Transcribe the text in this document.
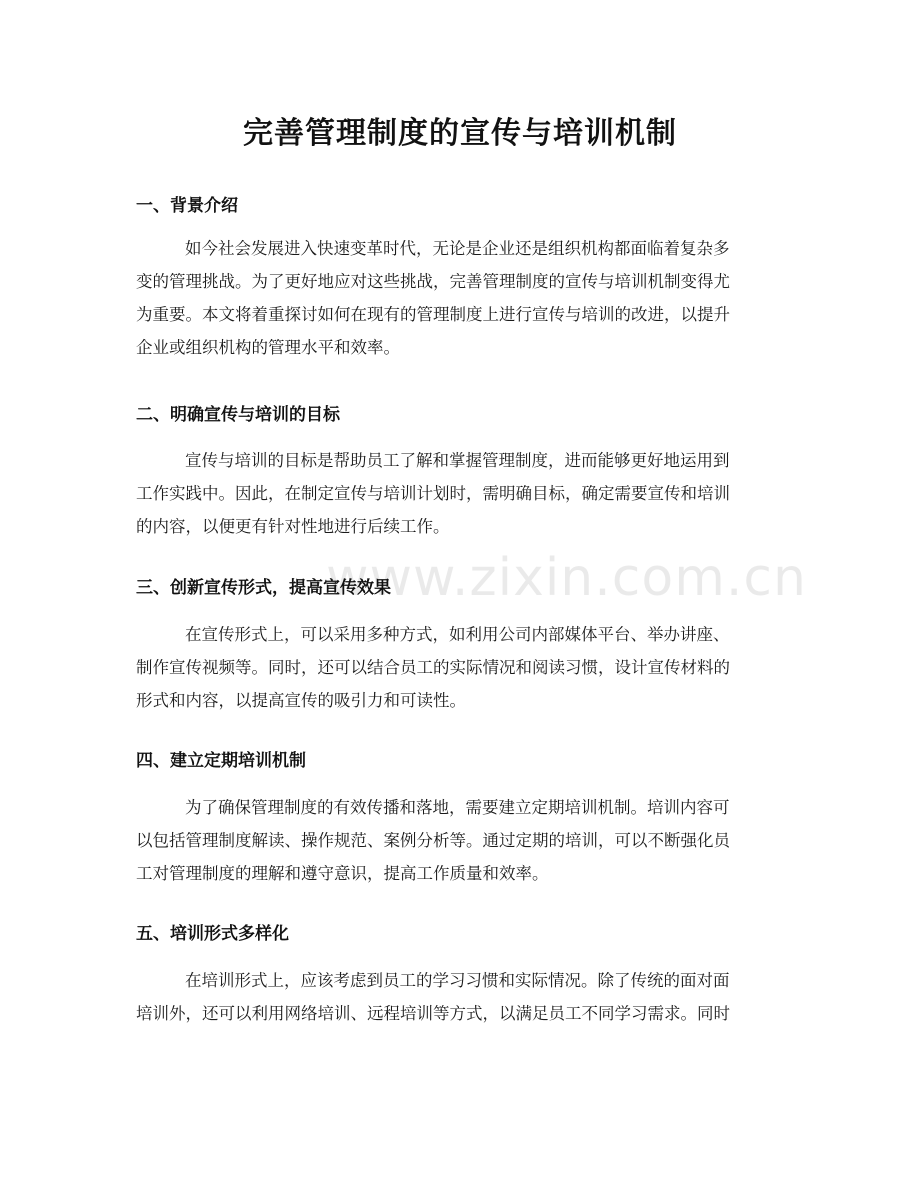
完善管理制度的宣传与培训机制
www.zixin.com.cn
一、背景介绍

如今社会发展进入快速变革时代，无论是企业还是组织机构都面临着复杂多
变的管理挑战。为了更好地应对这些挑战，完善管理制度的宣传与培训机制变得尤
为重要。本文将着重探讨如何在现有的管理制度上进行宣传与培训的改进，以提升
企业或组织机构的管理水平和效率。

二、明确宣传与培训的目标

宣传与培训的目标是帮助员工了解和掌握管理制度，进而能够更好地运用到
工作实践中。因此，在制定宣传与培训计划时，需明确目标，确定需要宣传和培训
的内容，以便更有针对性地进行后续工作。

三、创新宣传形式，提高宣传效果

在宣传形式上，可以采用多种方式，如利用公司内部媒体平台、举办讲座、
制作宣传视频等。同时，还可以结合员工的实际情况和阅读习惯，设计宣传材料的
形式和内容，以提高宣传的吸引力和可读性。

四、建立定期培训机制

为了确保管理制度的有效传播和落地，需要建立定期培训机制。培训内容可
以包括管理制度解读、操作规范、案例分析等。通过定期的培训，可以不断强化员
工对管理制度的理解和遵守意识，提高工作质量和效率。

五、培训形式多样化

在培训形式上，应该考虑到员工的学习习惯和实际情况。除了传统的面对面
培训外，还可以利用网络培训、远程培训等方式，以满足员工不同学习需求。同时
